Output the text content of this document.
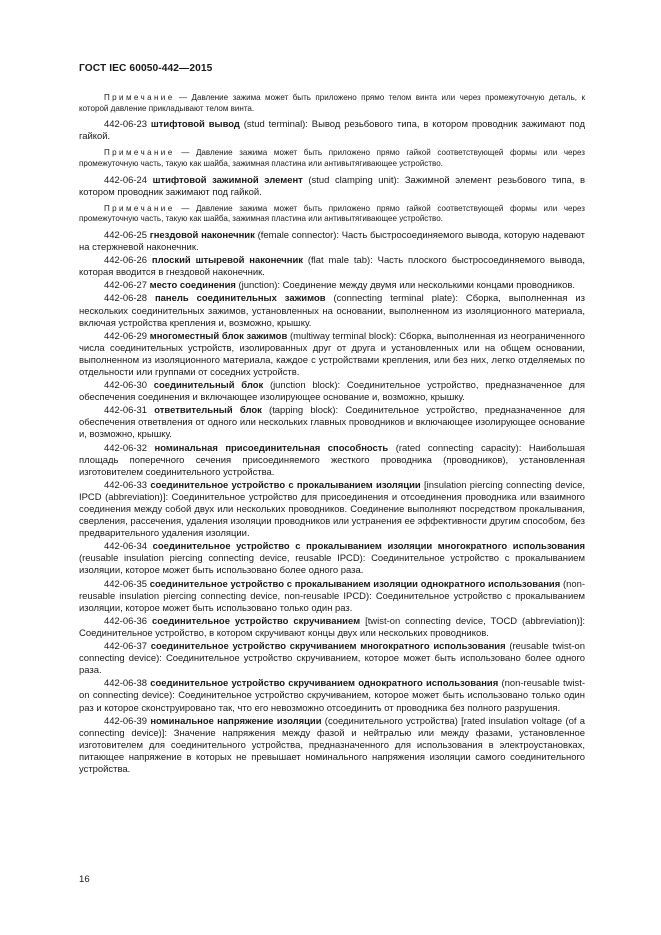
ГОСТ IEC 60050-442—2015

Примечание — Давление зажима может быть приложено прямо телом винта или через промежуточную деталь, к которой давление прикладывают телом винта.

442-06-23 штифтовой вывод (stud terminal): Вывод резьбового типа, в котором проводник зажимают под гайкой.

Примечание — Давление зажима может быть приложено прямо гайкой соответствующей формы или через промежуточную часть, такую как шайба, зажимная пластина или антивытягивающее устройство.

442-06-24 штифтовой зажимной элемент (stud clamping unit): Зажимной элемент резьбового типа, в котором проводник зажимают под гайкой.

Примечание — Давление зажима может быть приложено прямо гайкой соответствующей формы или через промежуточную часть, такую как шайба, зажимная пластина или антивытягивающее устройство.

442-06-25 гнездовой наконечник (female connector): Часть быстросоединяемого вывода, которую надевают на стержневой наконечник.

442-06-26 плоский штыревой наконечник (flat male tab): Часть плоского быстросоединяемого вывода, которая вводится в гнездовой наконечник.

442-06-27 место соединения (junction): Соединение между двумя или несколькими концами проводников.

442-06-28 панель соединительных зажимов (connecting terminal plate): Сборка, выполненная из нескольких соединительных зажимов, установленных на основании, выполненном из изоляционного материала, включая устройства крепления и, возможно, крышку.

442-06-29 многоместный блок зажимов (multiway terminal block): Сборка, выполненная из неограниченного числа соединительных устройств, изолированных друг от друга и установленных или на общем основании, выполненном из изоляционного материала, каждое с устройствами крепления, или без них, легко отделяемых по отдельности или группами от соседних устройств.

442-06-30 соединительный блок (junction block): Соединительное устройство, предназначенное для обеспечения соединения и включающее изолирующее основание и, возможно, крышку.

442-06-31 ответвительный блок (tapping block): Соединительное устройство, предназначенное для обеспечения ответвления от одного или нескольких главных проводников и включающее изолирующее основание и, возможно, крышку.

442-06-32 номинальная присоединительная способность (rated connecting capacity): Наибольшая площадь поперечного сечения присоединяемого жесткого проводника (проводников), установленная изготовителем соединительного устройства.

442-06-33 соединительное устройство с прокалыванием изоляции [insulation piercing connecting device, IPCD (abbreviation)]: Соединительное устройство для присоединения и отсоединения проводника или взаимного соединения между собой двух или нескольких проводников. Соединение выполняют посредством прокалывания, сверления, рассечения, удаления изоляции проводников или устранения ее эффективности другим способом, без предварительного удаления изоляции.

442-06-34 соединительное устройство с прокалыванием изоляции многократного использования (reusable insulation piercing connecting device, reusable IPCD): Соединительное устройство с прокалыванием изоляции, которое может быть использовано более одного раза.

442-06-35 соединительное устройство с прокалыванием изоляции однократного использования (non-reusable insulation piercing connecting device, non-reusable IPCD): Соединительное устройство с прокалыванием изоляции, которое может быть использовано только один раз.

442-06-36 соединительное устройство скручиванием [twist-on connecting device, TOCD (abbreviation)]: Соединительное устройство, в котором скручивают концы двух или нескольких проводников.

442-06-37 соединительное устройство скручиванием многократного использования (reusable twist-on connecting device): Соединительное устройство скручиванием, которое может быть использовано более одного раза.

442-06-38 соединительное устройство скручиванием однократного использования (non-reusable twist-on connecting device): Соединительное устройство скручиванием, которое может быть использовано только один раз и которое сконструировано так, что его невозможно отсоединить от проводника без полного разрушения.

442-06-39 номинальное напряжение изоляции (соединительного устройства) [rated insulation voltage (of a connecting device)]: Значение напряжения между фазой и нейтралью или между фазами, установленное изготовителем для соединительного устройства, предназначенного для использования в электроустановках, питающее напряжение в которых не превышает номинального напряжения изоляции самого соединительного устройства.

16
